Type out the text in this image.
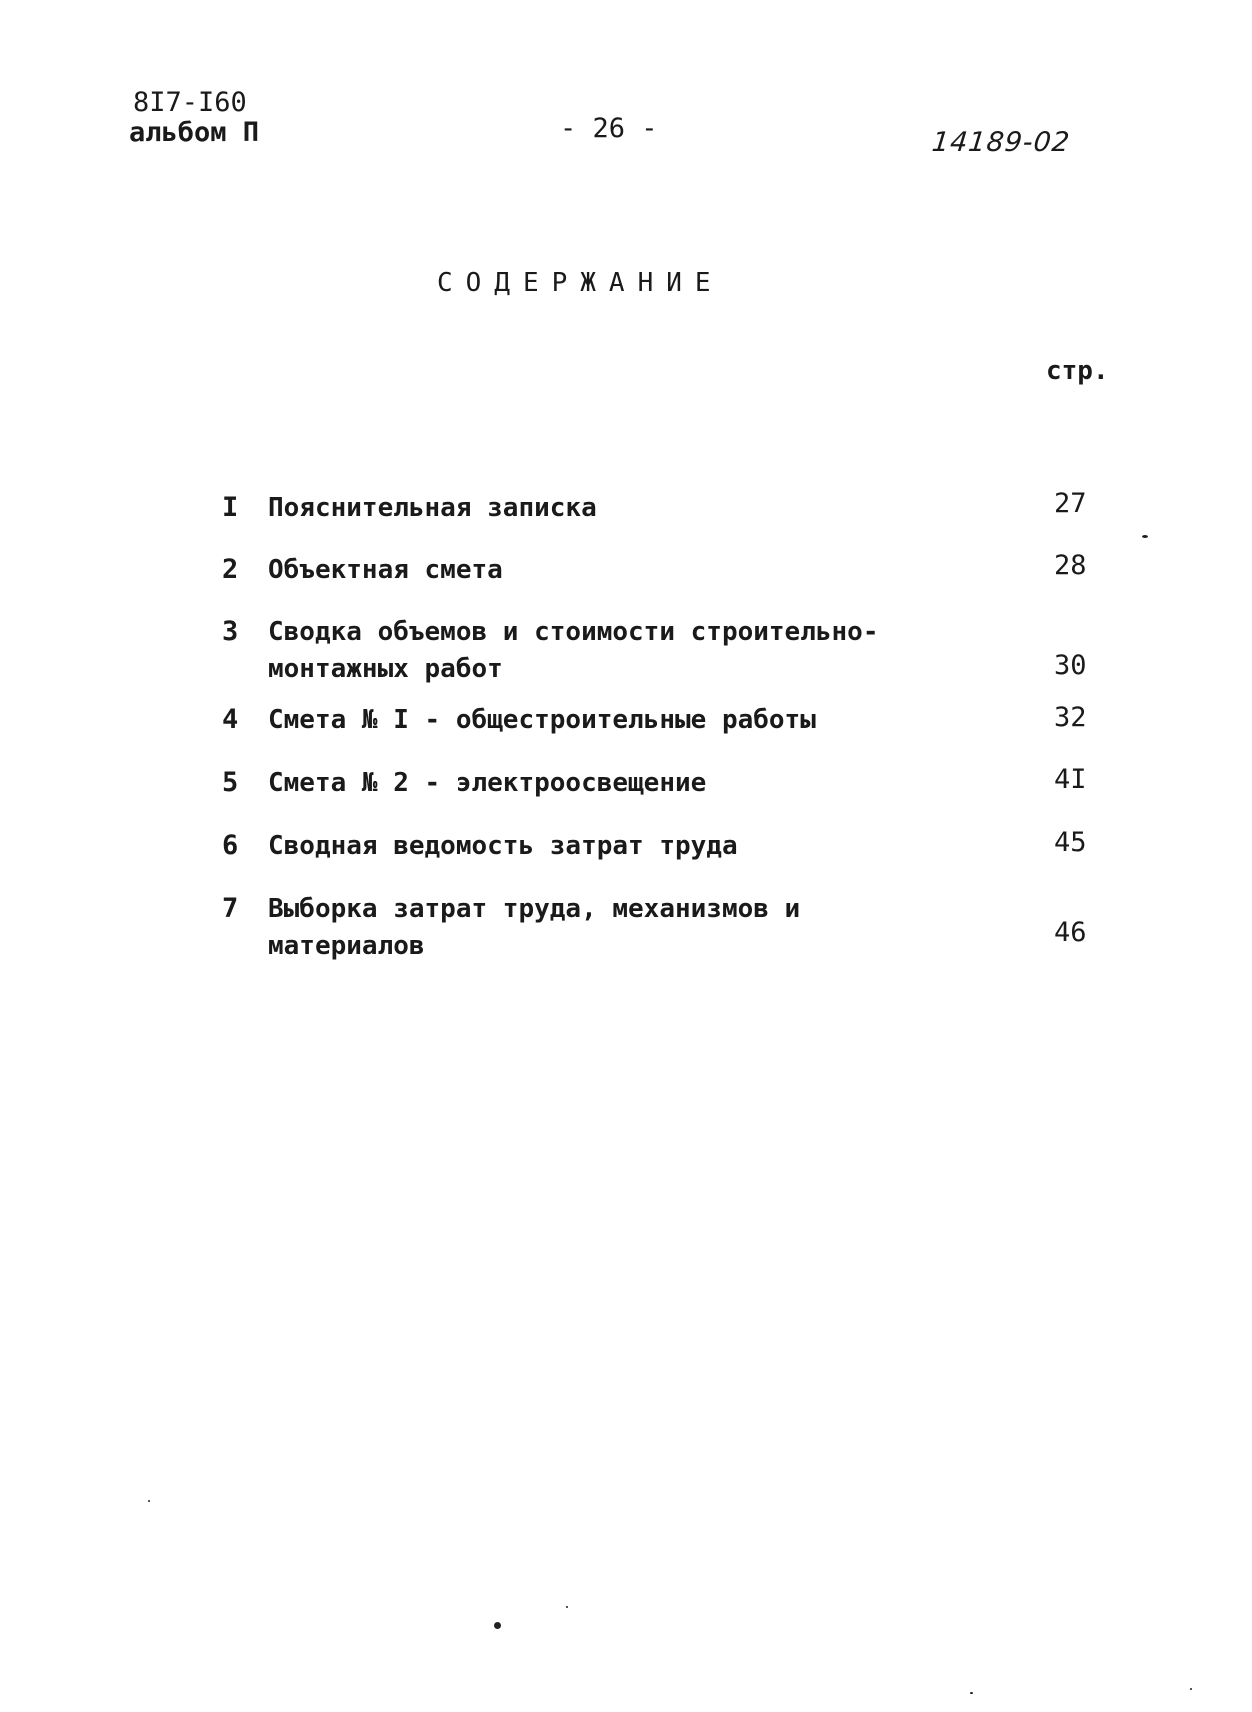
8I7-I60
альбом П	- 26 -	14189-02
СОДЕРЖАНИЕ
стр.
I Пояснительная записка	27
2 Объектная смета	28
3 Сводка объемов и стоимости строительно-
монтажных работ	30
4 Смета № I - общестроительные работы	32
5 Смета № 2 - электроосвещение	4I
6 Сводная ведомость затрат труда	45
7 Выборка затрат труда, механизмов и
материалов	46
